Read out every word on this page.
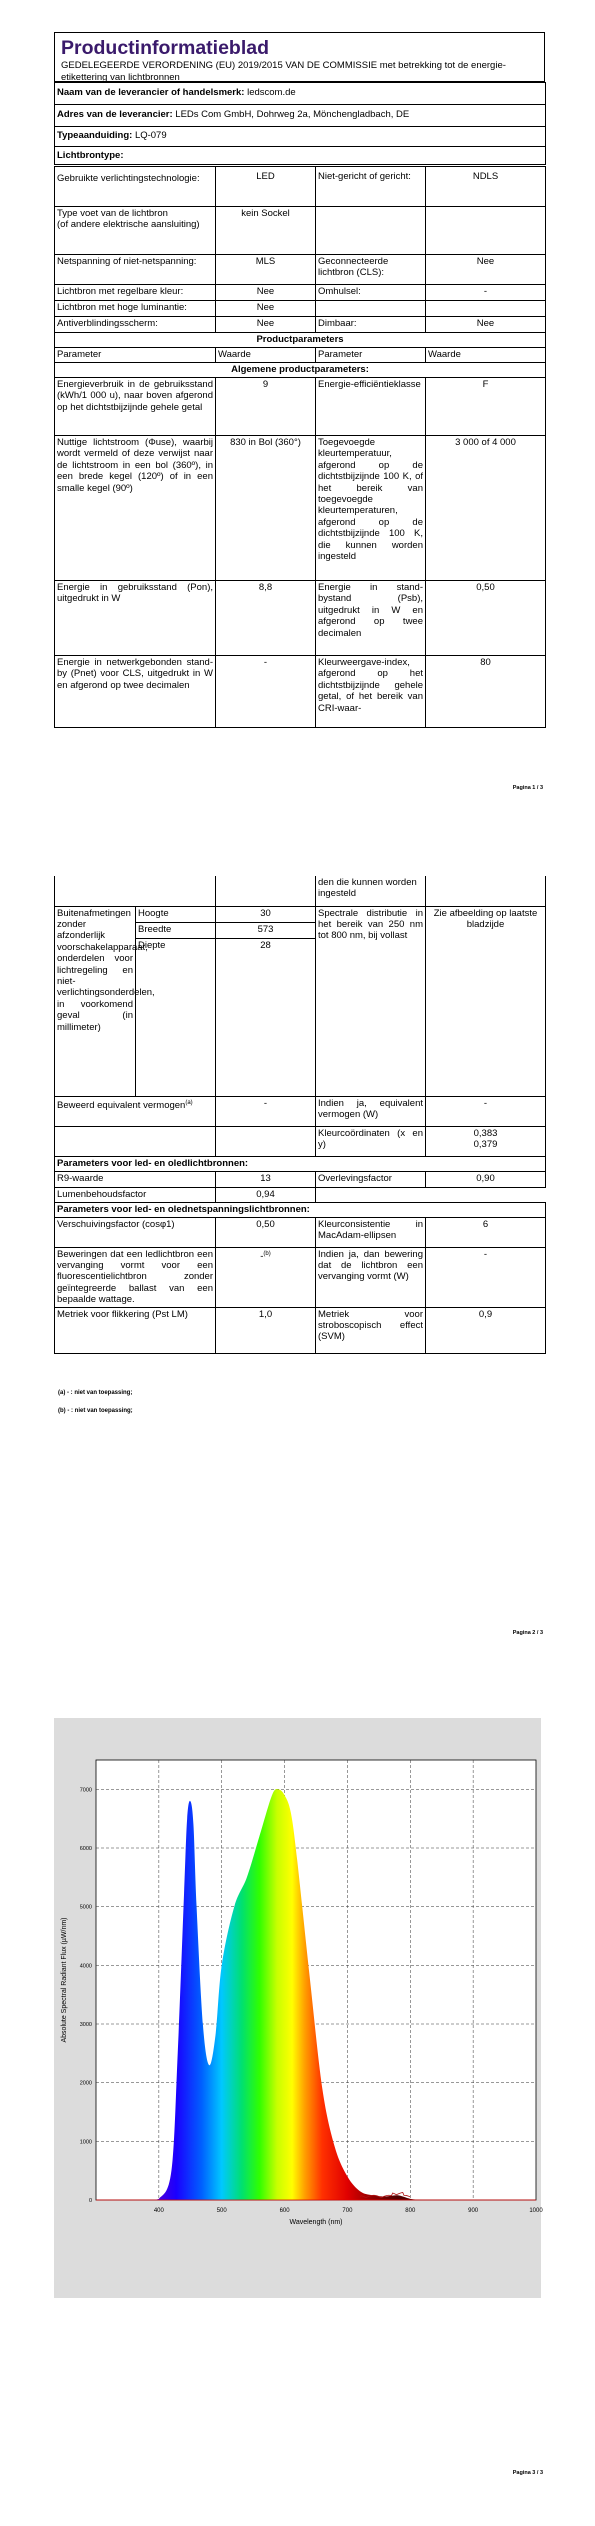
Productinformatieblad
GEDELEGEERDE VERORDENING (EU) 2019/2015 VAN DE COMMISSIE met betrekking tot de energie-etikettering van lichtbronnen
Naam van de leverancier of handelsmerk: ledscom.de
Adres van de leverancier: LEDs Com GmbH, Dohrweg 2a, Mönchengladbach, DE
Typeaanduiding: LQ-079
Lichtbrontype:
Gebruikte verlichtingstechnologie:	LED	Niet-gericht of gericht:	NDLS

Type voet van de lichtbron
(of andere elektrische aansluiting)	kein Sockel		
Netspanning of niet-netspanning:	MLS	Geconnecteerde lichtbron (CLS):	Nee
Lichtbron met regelbare kleur:	Nee	Omhulsel:	-
Lichtbron met hoge luminantie:	Nee		
Antiverblindingsscherm:	Nee	Dimbaar:	Nee
Productparameters			
Parameter	Waarde	Parameter	Waarde
Algemene productparameters:			
Energieverbruik in de gebruiksstand (kWh/1 000 u), naar boven afgerond op het dichtstbijzijnde gehele getal	9	Energie-efficiëntieklasse	F
Nuttige lichtstroom (Φuse), waarbij wordt vermeld of deze verwijst naar de lichtstroom in een bol (360º), in een brede kegel (120º) of in een smalle kegel (90º)	830 in Bol (360°)	Toegevoegde kleurtemperatuur, afgerond op de dichtstbijzijnde 100 K, of het bereik van toegevoegde kleurtemperaturen, afgerond op de dichtstbijzijnde 100 K, die kunnen worden ingesteld	3 000 of 4 000
Energie in gebruiksstand (Pon), uitgedrukt in W	8,8	Energie in stand-bystand (Psb), uitgedrukt in W en afgerond op twee decimalen	0,50
Energie in netwerkgebonden stand-by (Pnet) voor CLS, uitgedrukt in W en afgerond op twee decimalen	-	Kleurweergave-index, afgerond op het dichtstbijzijnde gehele getal, of het bereik van CRI-waar-	80
Pagina 1 / 3
			den die kunnen worden ingesteld	
Buitenafmetingen zonder afzonderlijk voorschakelapparaat, onderdelen voor lichtregeling en niet-verlichtingsonderdelen, in voorkomend geval (in millimeter)	Hoogte	30	Spectrale distributie in het bereik van 250 nm tot 800 nm, bij vollast	Zie afbeelding op laatste bladzijde
	Breedte	573		
	Diepte	28		
Beweerd equivalent vermogen$^{(a)}$		-	Indien ja, equivalent vermogen (W)	-
			Kleurcoördinaten (x en y)	0,383
0,379

Parameters voor led- en oledlichtbronnen:				
R9-waarde		13	Overlevingsfactor	0,90
Lumenbehoudsfactor		0,94		
Parameters voor led- en olednetspanningslichtbronnen:				
Verschuivingsfactor (cosφ1)		0,50	Kleurconsistentie in MacAdam-ellipsen	6
Beweringen dat een ledlichtbron een vervanging vormt voor een fluorescentielichtbron zonder geïntegreerde ballast van een bepaalde wattage.		-$^{(b)}$	Indien ja, dan bewering dat de lichtbron een vervanging vormt (W)	-
Metriek voor flikkering (Pst LM)		1,0	Metriek voor stroboscopisch effect (SVM)	0,9
(a) - : niet van toepassing;
(b) - : niet van toepassing;
Pagina 2 / 3
400	500	600	700	800	900	1000
0
1000
2000
3000
4000
5000
6000
7000
Wavelength (nm)
Absolute Spectral Radiant Flux (µW/nm)
Pagina 3 / 3
